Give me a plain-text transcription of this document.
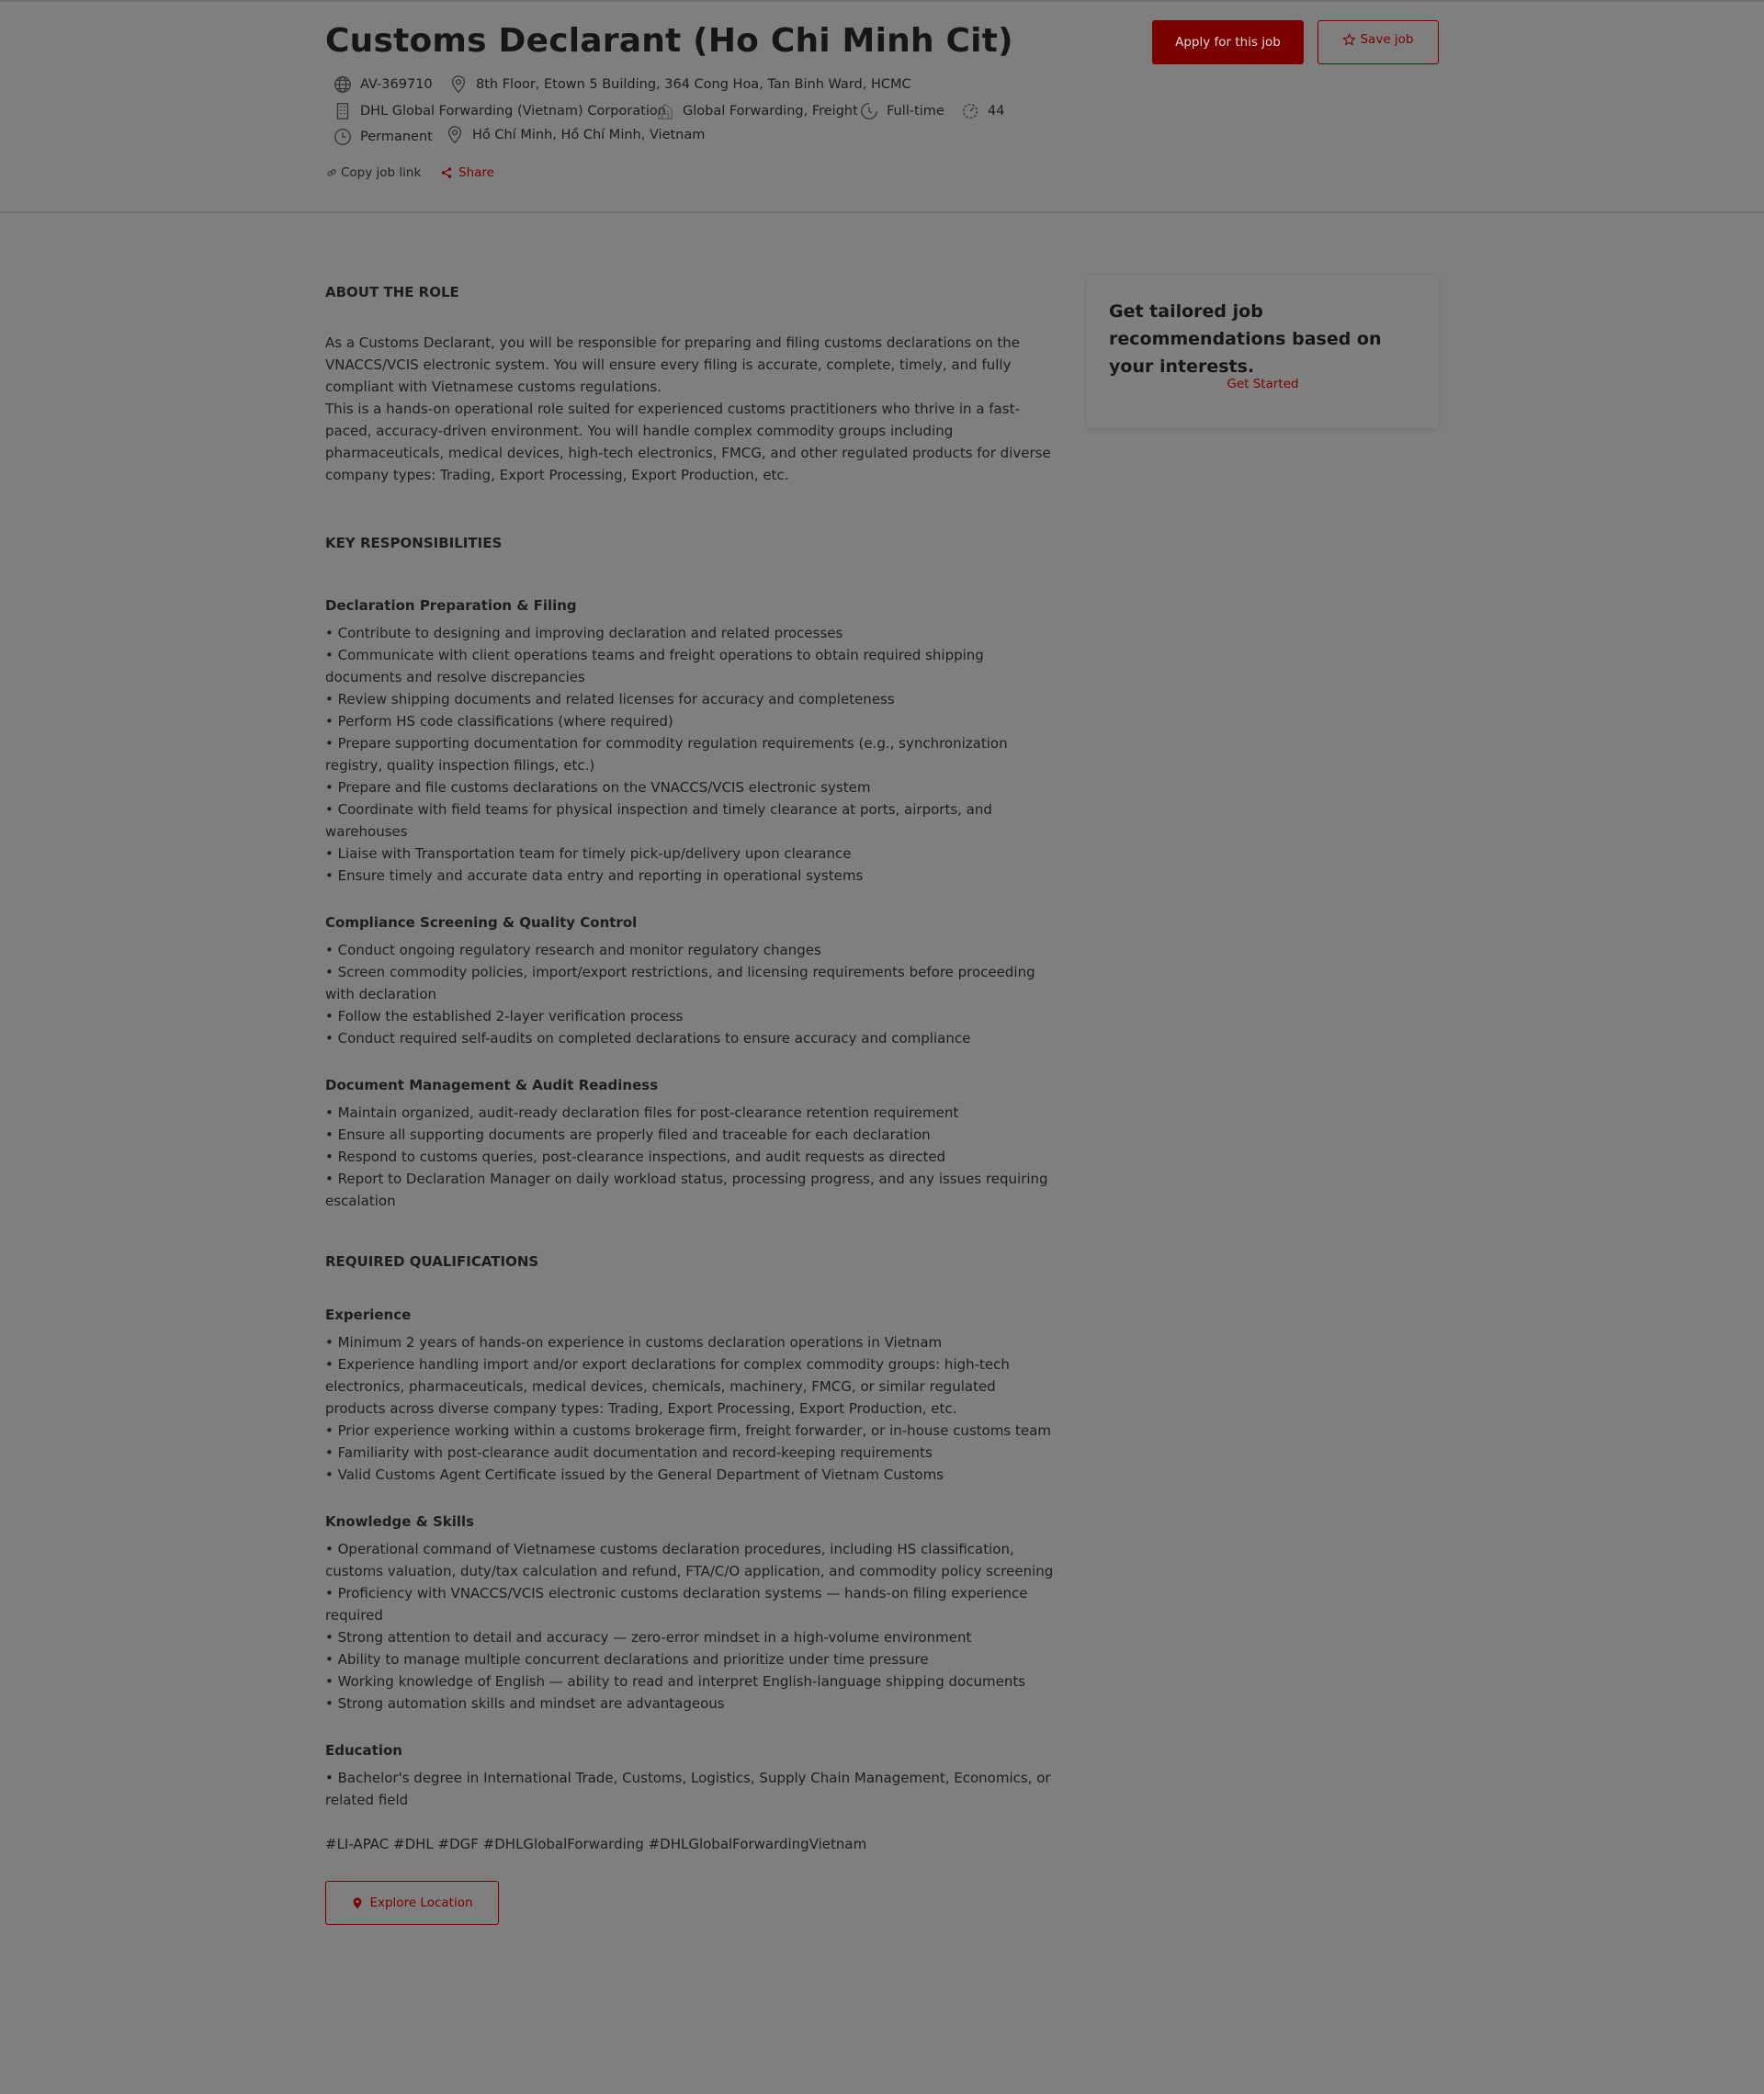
Customs Declarant (Ho Chi Minh Cit)
AV-369710	8th Floor, Etown 5 Building, 364 Cong Hoa, Tan Binh Ward, HCMC
DHL Global Forwarding (Vietnam) Corporation Global Forwarding, Freight Full-time	44
Permanent	Hồ Chí Minh, Hồ Chí Minh, Vietnam
Copy job link	Share
Apply for this job	Save job

ABOUT THE ROLE

As a Customs Declarant, you will be responsible for preparing and filing customs declarations on the VNACCS/VCIS electronic system. You will ensure every filing is accurate, complete, timely, and fully compliant with Vietnamese customs regulations.

This is a hands-on operational role suited for experienced customs practitioners who thrive in a fast-paced, accuracy-driven environment. You will handle complex commodity groups including pharmaceuticals, medical devices, high-tech electronics, FMCG, and other regulated products for diverse company types: Trading, Export Processing, Export Production, etc.

KEY RESPONSIBILITIES

Declaration Preparation & Filing

• Contribute to designing and improving declaration and related processes

• Communicate with client operations teams and freight operations to obtain required shipping documents and resolve discrepancies

• Review shipping documents and related licenses for accuracy and completeness

• Perform HS code classifications (where required)

• Prepare supporting documentation for commodity regulation requirements (e.g., synchronization registry, quality inspection filings, etc.)

• Prepare and file customs declarations on the VNACCS/VCIS electronic system

• Coordinate with field teams for physical inspection and timely clearance at ports, airports, and warehouses

• Liaise with Transportation team for timely pick-up/delivery upon clearance

• Ensure timely and accurate data entry and reporting in operational systems

Compliance Screening & Quality Control

• Conduct ongoing regulatory research and monitor regulatory changes

• Screen commodity policies, import/export restrictions, and licensing requirements before proceeding with declaration

• Follow the established 2-layer verification process

• Conduct required self-audits on completed declarations to ensure accuracy and compliance

Document Management & Audit Readiness

• Maintain organized, audit-ready declaration files for post-clearance retention requirement

• Ensure all supporting documents are properly filed and traceable for each declaration

• Respond to customs queries, post-clearance inspections, and audit requests as directed

• Report to Declaration Manager on daily workload status, processing progress, and any issues requiring escalation

REQUIRED QUALIFICATIONS

Experience

• Minimum 2 years of hands-on experience in customs declaration operations in Vietnam

• Experience handling import and/or export declarations for complex commodity groups: high-tech electronics, pharmaceuticals, medical devices, chemicals, machinery, FMCG, or similar regulated products across diverse company types: Trading, Export Processing, Export Production, etc.

• Prior experience working within a customs brokerage firm, freight forwarder, or in-house customs team

• Familiarity with post-clearance audit documentation and record-keeping requirements

• Valid Customs Agent Certificate issued by the General Department of Vietnam Customs

Knowledge & Skills

• Operational command of Vietnamese customs declaration procedures, including HS classification, customs valuation, duty/tax calculation and refund, FTA/C/O application, and commodity policy screening

• Proficiency with VNACCS/VCIS electronic customs declaration systems — hands-on filing experience required

• Strong attention to detail and accuracy — zero-error mindset in a high-volume environment

• Ability to manage multiple concurrent declarations and prioritize under time pressure

• Working knowledge of English — ability to read and interpret English-language shipping documents

• Strong automation skills and mindset are advantageous

Education

• Bachelor's degree in International Trade, Customs, Logistics, Supply Chain Management, Economics, or related field

#LI-APAC #DHL #DGF #DHLGlobalForwarding #DHLGlobalForwardingVietnam

Get tailored job recommendations based on your interests.
Get Started
Explore Location
